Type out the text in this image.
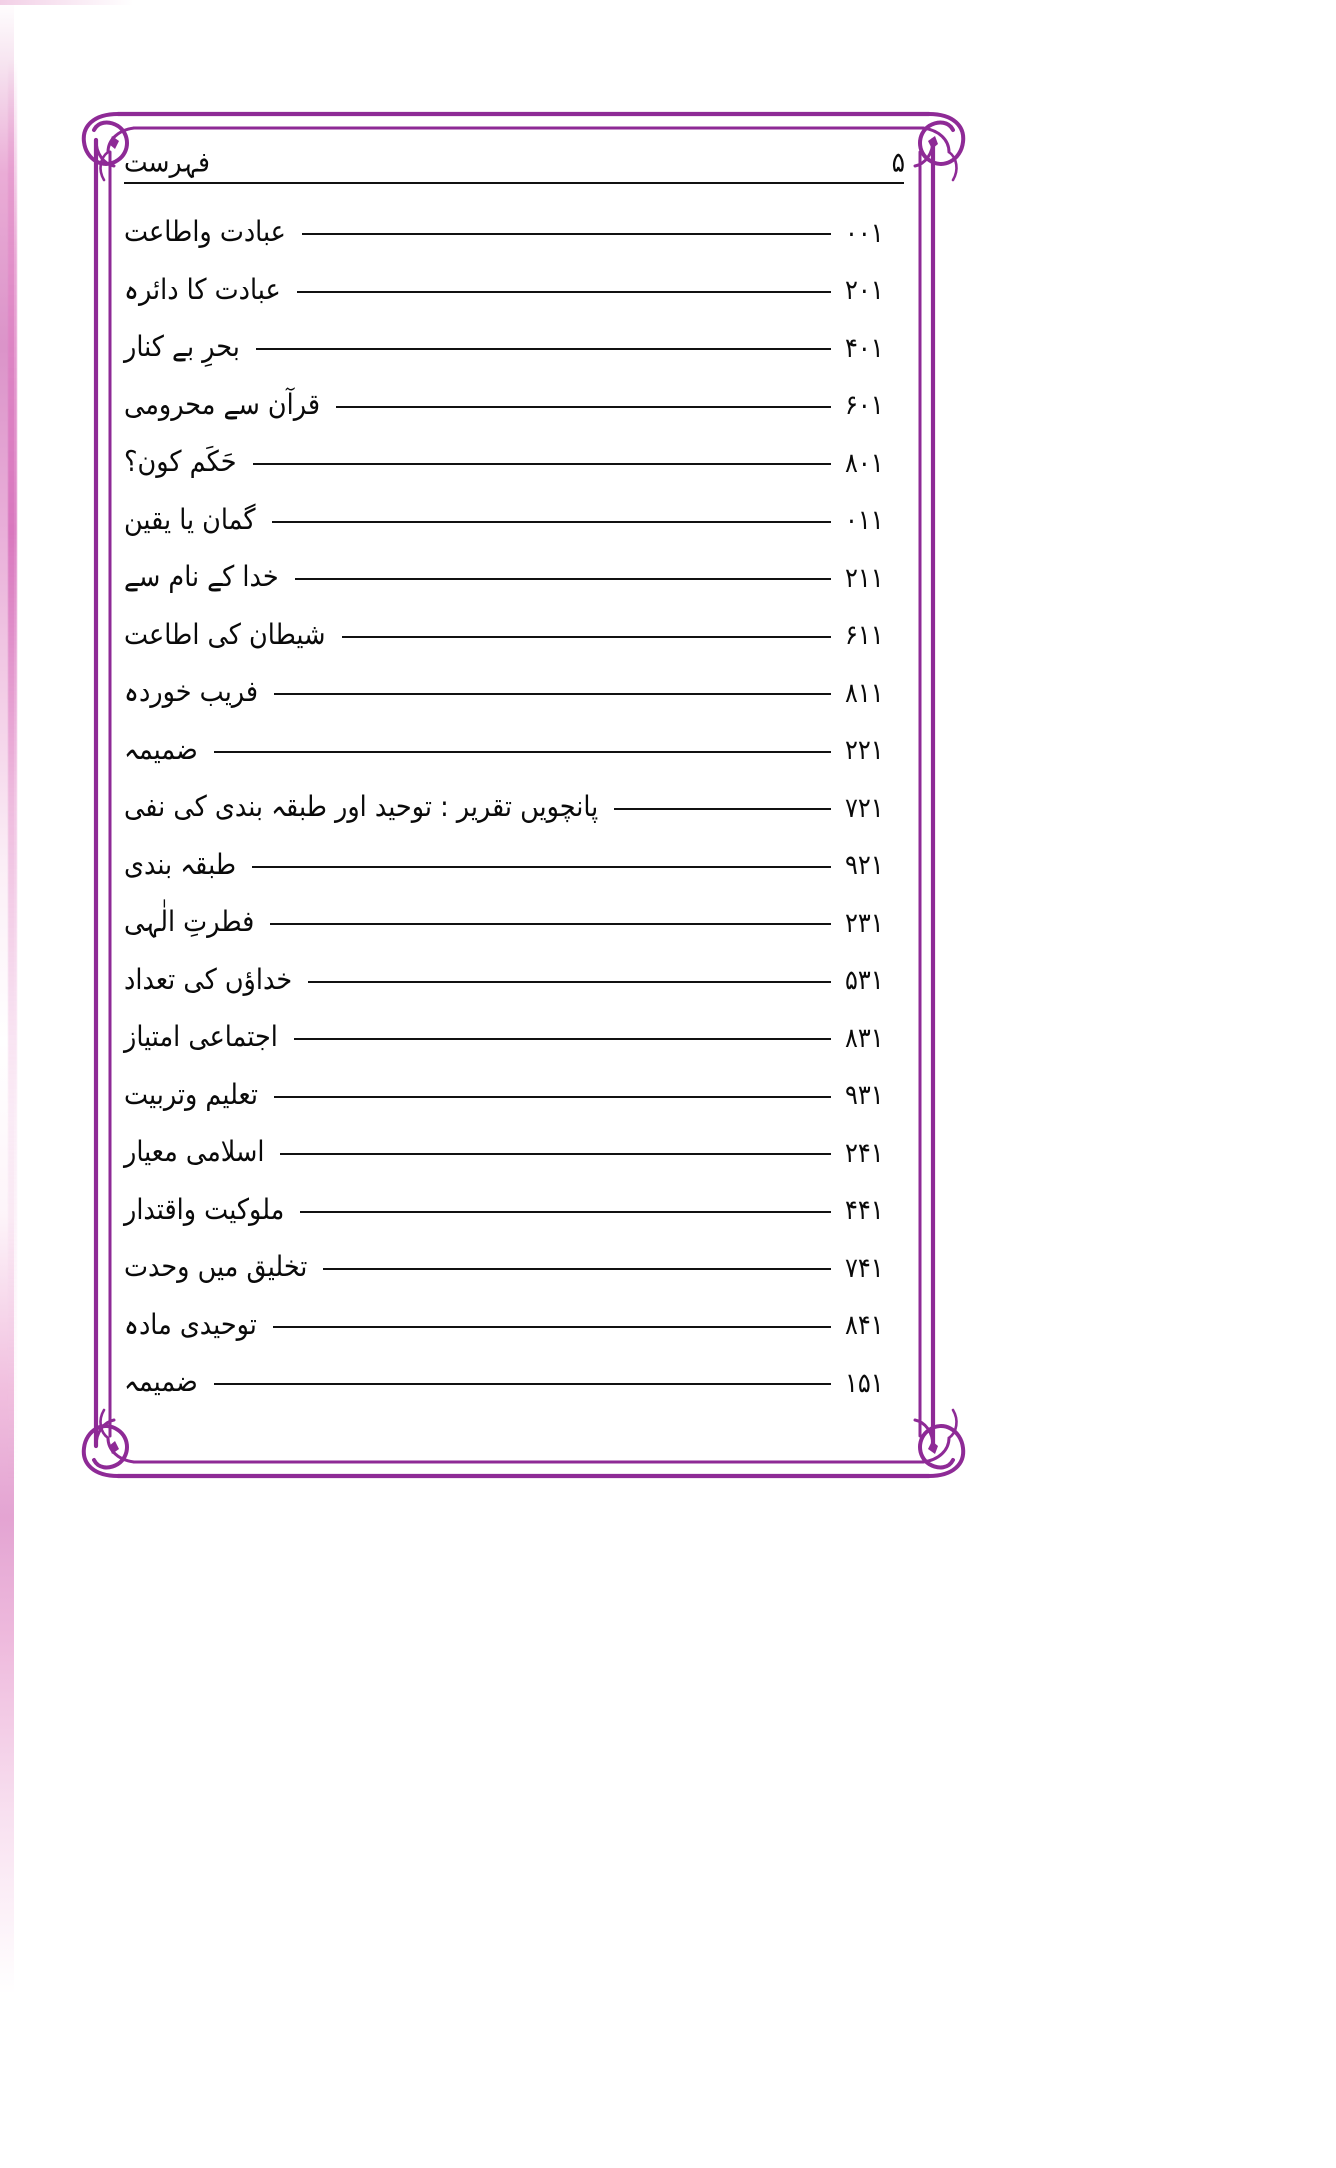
فہرست	۵
۱۰۰
عبادت واطاعت
۱۰۲
عبادت کا دائرہ
۱۰۴
بحرِ بے کنار
۱۰۶
قرآن سے محرومی
۱۰۸
حَکَم کون؟
۱۱۰
گمان یا یقین
۱۱۲
خدا کے نام سے
۱۱۶
شیطان کی اطاعت
۱۱۸
فریب خوردہ
۱۲۲
ضمیمہ
۱۲۷
پانچویں تقریر : توحید اور طبقہ بندی کی نفی
۱۲۹
طبقہ بندی
۱۳۲
فطرتِ الٰہی
۱۳۵
خداؤں کی تعداد
۱۳۸
اجتماعی امتیاز
۱۳۹
تعلیم وتربیت
۱۴۲
اسلامی معیار
۱۴۴
ملوکیت واقتدار
۱۴۷
تخلیق میں وحدت
۱۴۸
توحیدی مادہ
۱۵۱
ضمیمہ
